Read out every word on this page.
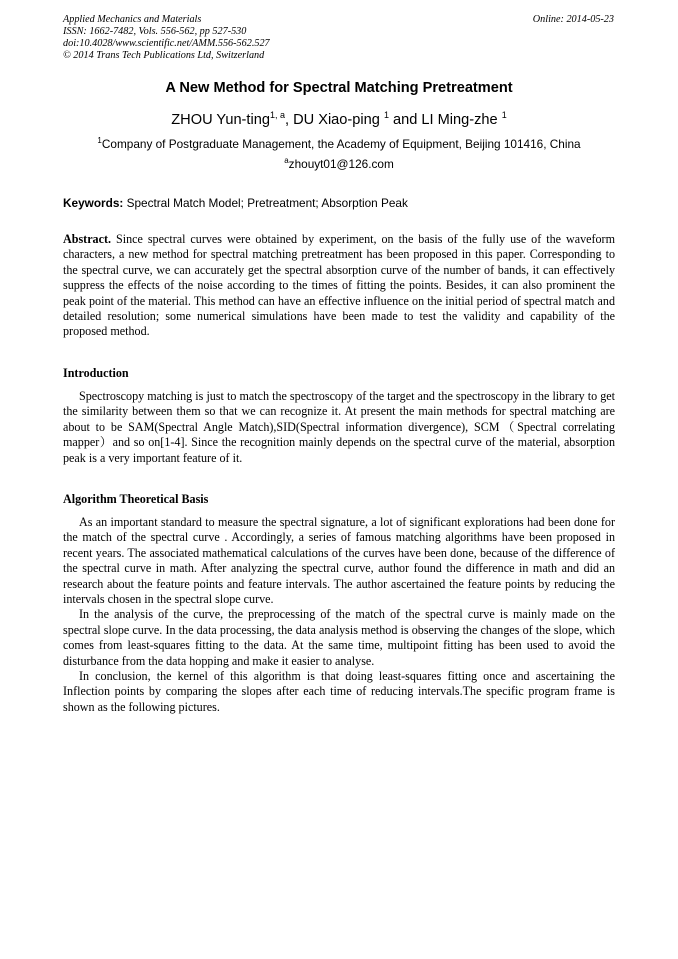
Applied Mechanics and Materials
ISSN: 1662-7482, Vols. 556-562, pp 527-530
doi:10.4028/www.scientific.net/AMM.556-562.527
© 2014 Trans Tech Publications Ltd, Switzerland
Online: 2014-05-23
A New Method for Spectral Matching Pretreatment
ZHOU Yun-ting$^{1, a}$, DU Xiao-ping $^1$ and LI Ming-zhe $^1$
$^1$Company of Postgraduate Management, the Academy of Equipment, Beijing 101416, China
$^a$zhouyt01@126.com
Keywords: Spectral Match Model; Pretreatment; Absorption Peak

Abstract. Since spectral curves were obtained by experiment, on the basis of the fully use of the waveform characters, a new method for spectral matching pretreatment has been proposed in this paper. Corresponding to the spectral curve, we can accurately get the spectral absorption curve of the number of bands, it can effectively suppress the effects of the noise according to the times of fitting the points. Besides, it can also prominent the peak point of the material. This method can have an effective influence on the initial period of spectral match and detailed resolution; some numerical simulations have been made to test the validity and capability of the proposed method.

Introduction

Spectroscopy matching is just to match the spectroscopy of the target and the spectroscopy in the library to get the similarity between them so that we can recognize it. At present the main methods for spectral matching are about to be SAM(Spectral Angle Match),SID(Spectral information divergence), SCM（Spectral correlating mapper）and so on[1-4]. Since the recognition mainly depends on the spectral curve of the material, absorption peak is a very important feature of it.

Algorithm Theoretical Basis

As an important standard to measure the spectral signature, a lot of significant explorations had been done for the match of the spectral curve . Accordingly, a series of famous matching algorithms have been proposed in recent years. The associated mathematical calculations of the curves have been done, because of the difference of the spectral curve in math. After analyzing the spectral curve, author found the difference in math and did an research about the feature points and feature intervals. The author ascertained the feature points by reducing the intervals chosen in the spectral slope curve.

In the analysis of the curve, the preprocessing of the match of the spectral curve is mainly made on the spectral slope curve. In the data processing, the data analysis method is observing the changes of the slope, which comes from least-squares fitting to the data. At the same time, multipoint fitting has been used to avoid the disturbance from the data hopping and make it easier to analyse.

In conclusion, the kernel of this algorithm is that doing least-squares fitting once and ascertaining the Inflection points by comparing the slopes after each time of reducing intervals.The specific program frame is shown as the following pictures.
